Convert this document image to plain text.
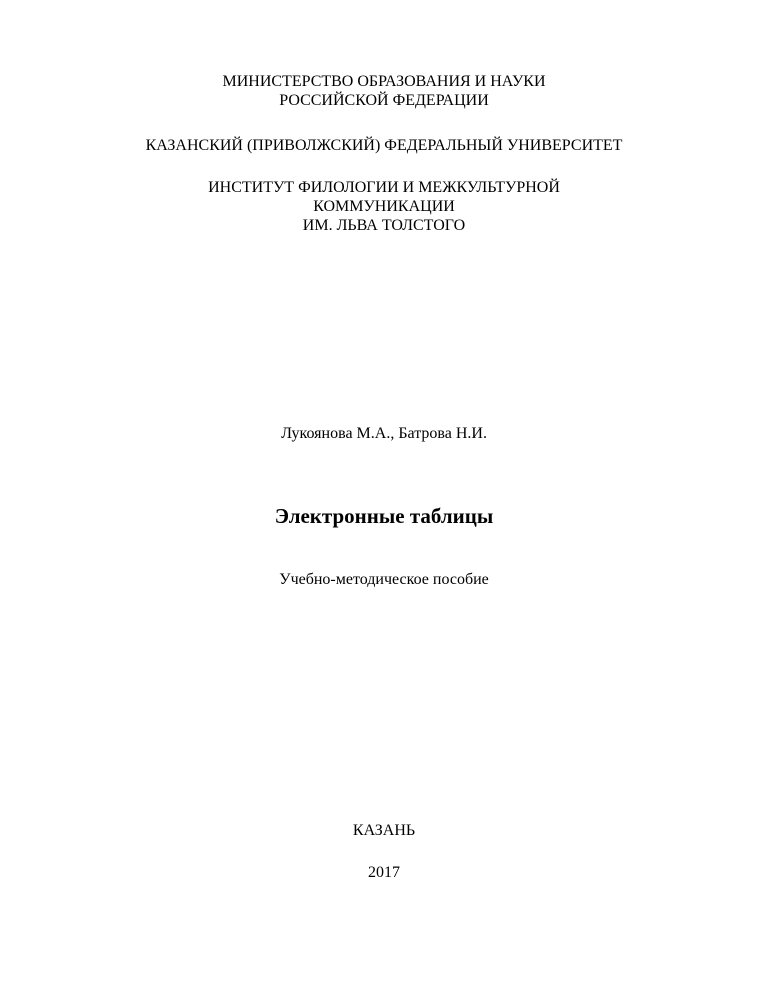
МИНИСТЕРСТВО ОБРАЗОВАНИЯ И НАУКИ
РОССИЙСКОЙ ФЕДЕРАЦИИ
КАЗАНСКИЙ (ПРИВОЛЖСКИЙ) ФЕДЕРАЛЬНЫЙ УНИВЕРСИТЕТ
ИНСТИТУТ ФИЛОЛОГИИ И МЕЖКУЛЬТУРНОЙ
КОММУНИКАЦИИ
ИМ. ЛЬВА ТОЛСТОГО
Лукоянова М.А., Батрова Н.И.
Электронные таблицы
Учебно-методическое пособие
КАЗАНЬ
2017
